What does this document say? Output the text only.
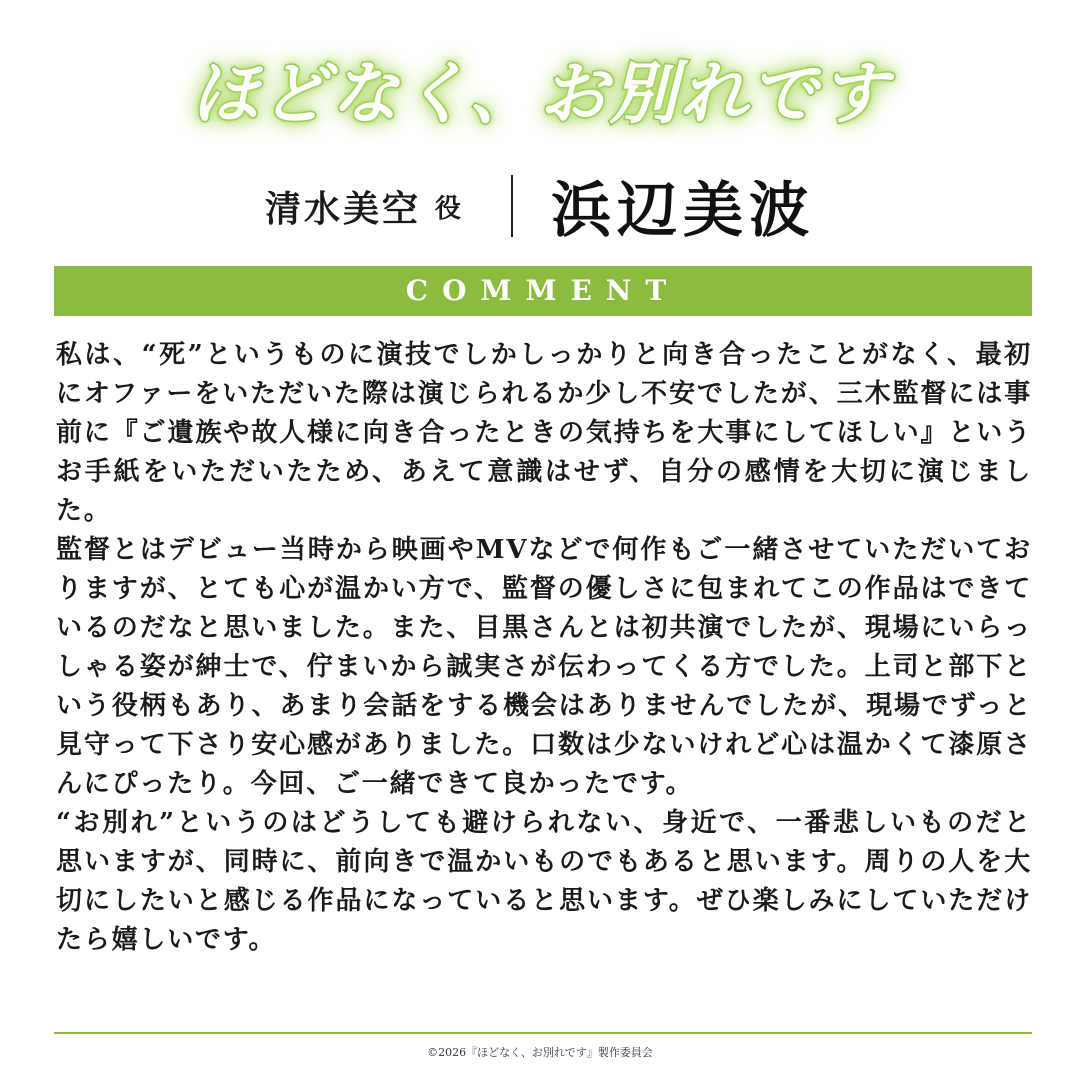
ほどなく、お別れです
清水美空 役 浜辺美波
COMMENT

私は、“死”というものに演技でしかしっかりと向き合ったことがなく、最初にオファーをいただいた際は演じられるか少し不安でしたが、三木監督には事前に『ご遺族や故人様に向き合ったときの気持ちを大事にしてほしい』というお手紙をいただいたため、あえて意識はせず、自分の感情を大切に演じました。

監督とはデビュー当時から映画やMVなどで何作もご一緒させていただいておりますが、とても心が温かい方で、監督の優しさに包まれてこの作品はできているのだなと思いました。また、目黒さんとは初共演でしたが、現場にいらっしゃる姿が紳士で、佇まいから誠実さが伝わってくる方でした。上司と部下という役柄もあり、あまり会話をする機会はありませんでしたが、現場でずっと見守って下さり安心感がありました。口数は少ないけれど心は温かくて漆原さんにぴったり。今回、ご一緒できて良かったです。

“お別れ”というのはどうしても避けられない、身近で、一番悲しいものだと思いますが、同時に、前向きで温かいものでもあると思います。周りの人を大切にしたいと感じる作品になっていると思います。ぜひ楽しみにしていただけたら嬉しいです。

©2026『ほどなく、お別れです』製作委員会
